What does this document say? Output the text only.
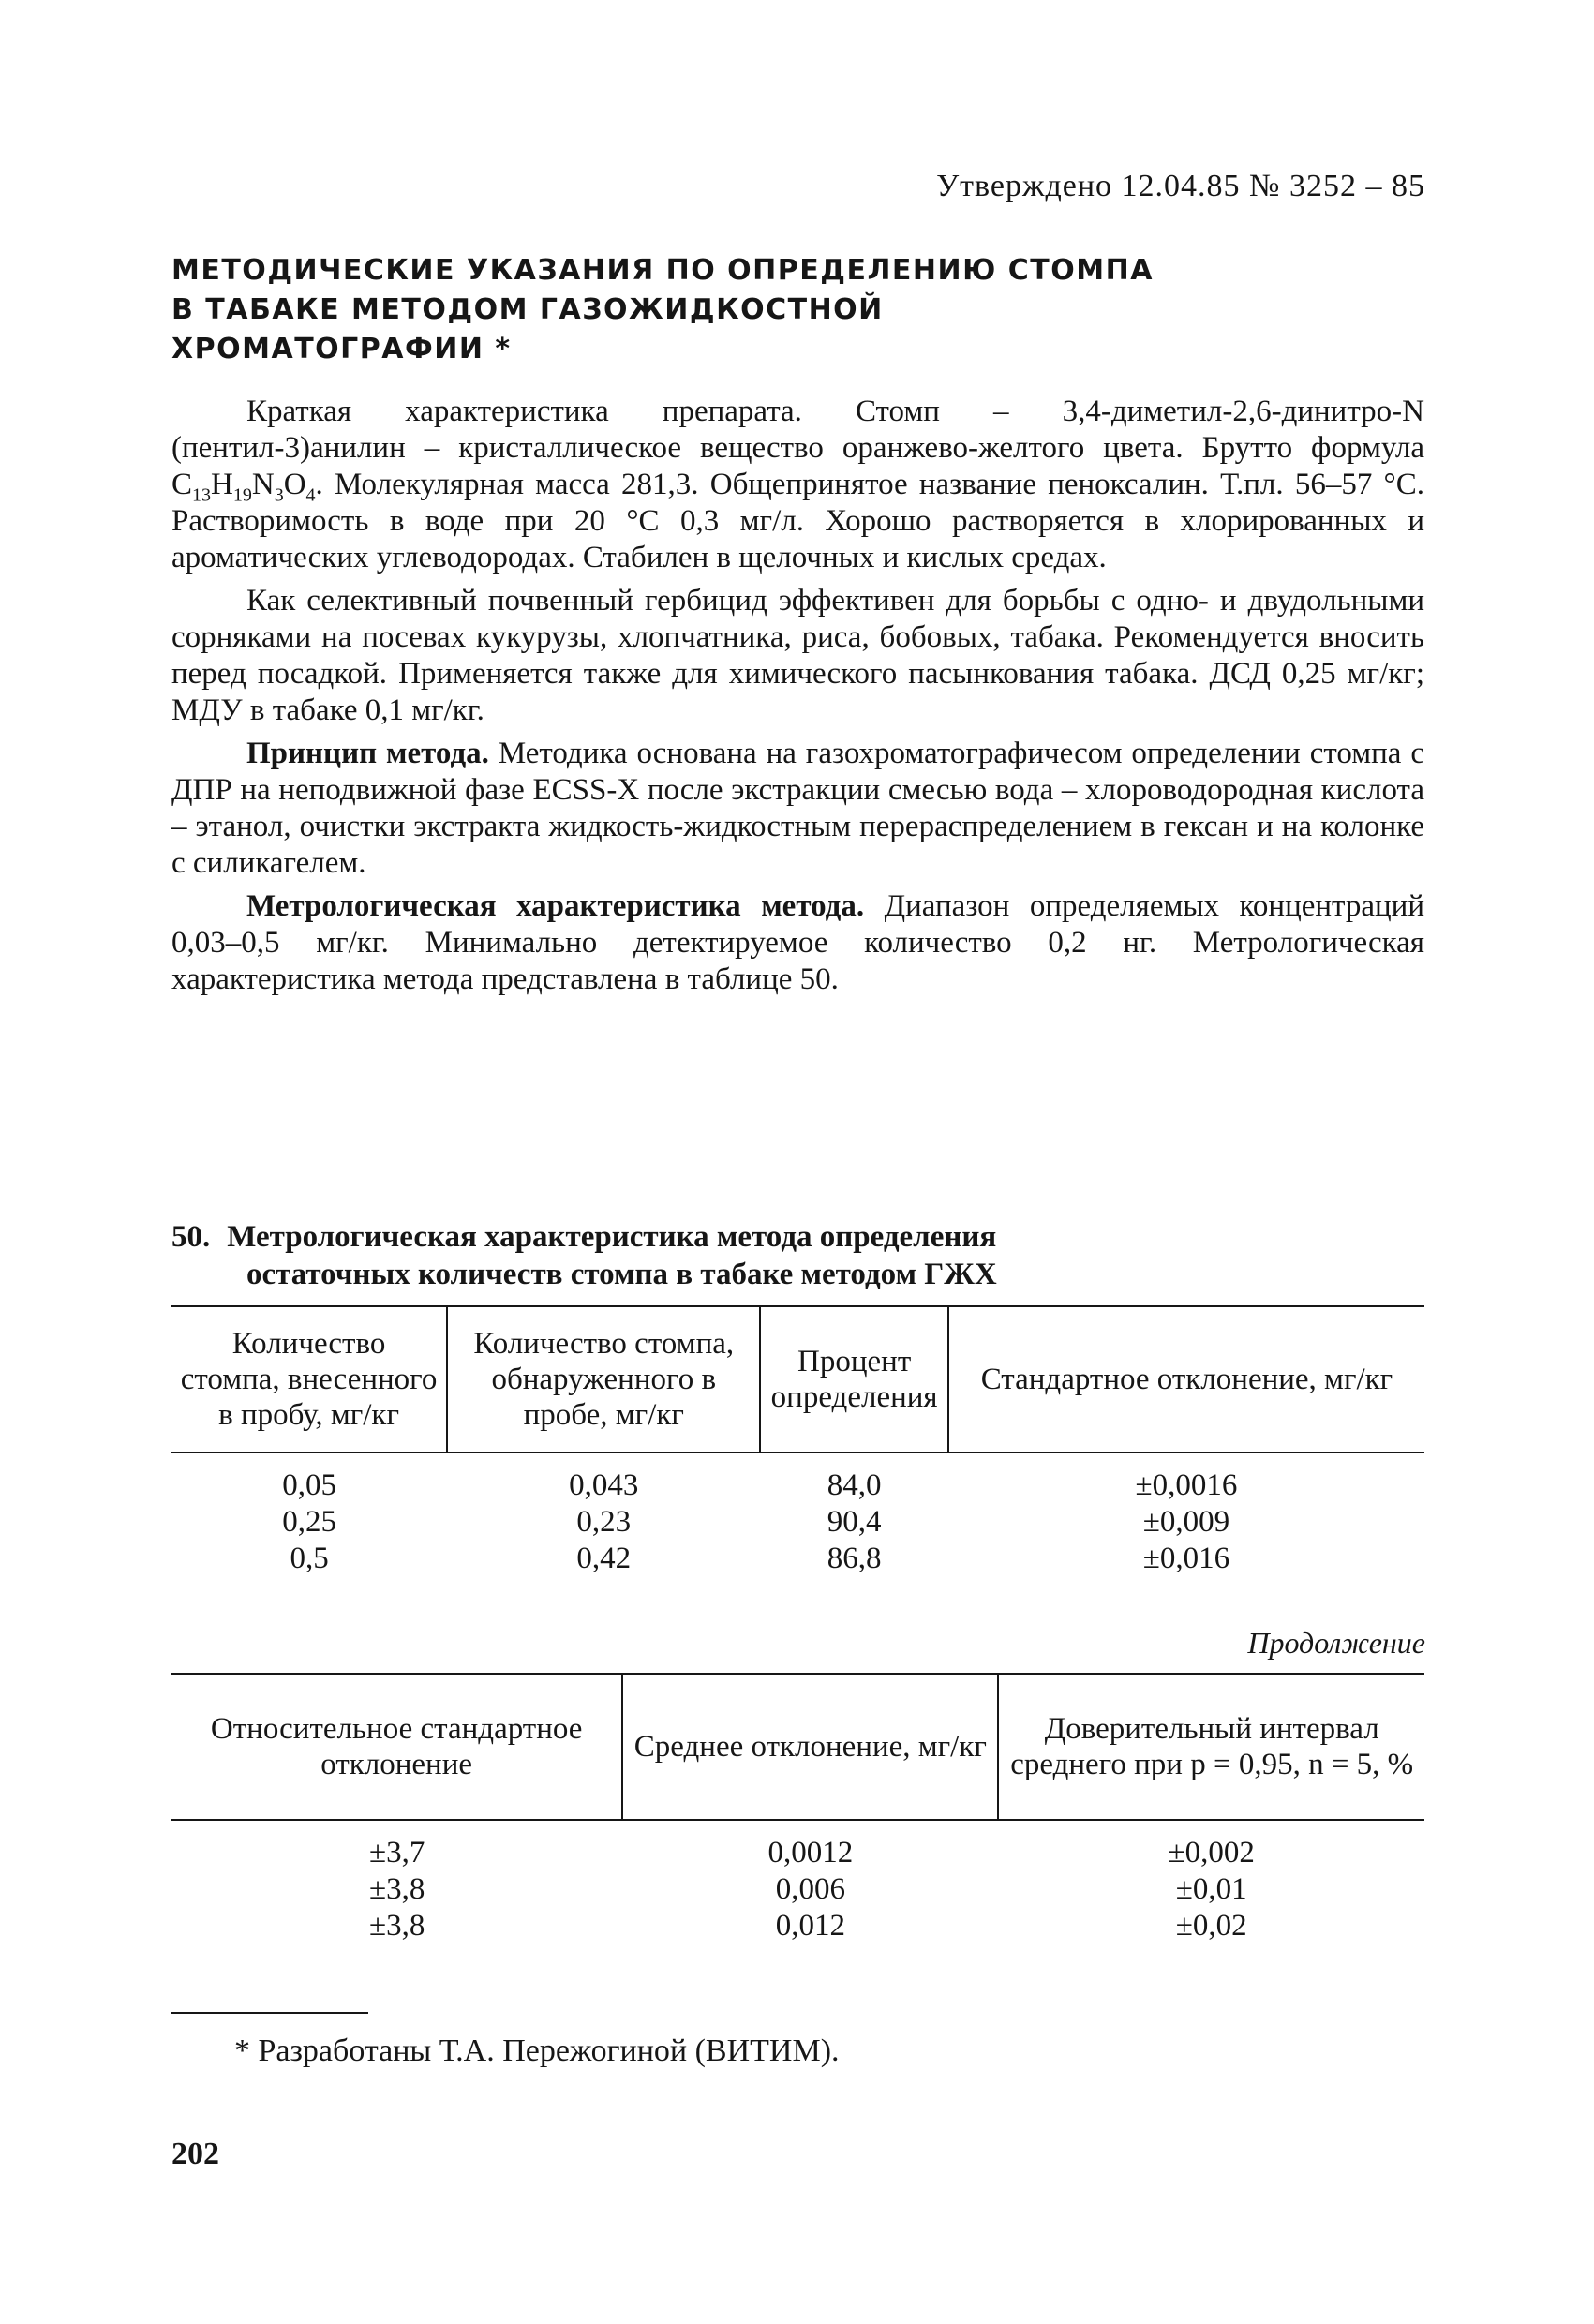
Утверждено 12.04.85 № 3252 – 85
МЕТОДИЧЕСКИЕ УКАЗАНИЯ ПО ОПРЕДЕЛЕНИЮ СТОМПА
В ТАБАКЕ МЕТОДОМ ГАЗОЖИДКОСТНОЙ
ХРОМАТОГРАФИИ *

Краткая характеристика препарата. Стомп – 3,4-диметил-2,6-динитро-N (пентил-3)анилин – кристаллическое вещество оранжево-желтого цвета. Брутто формула $C_{13}H_{19}N_3O_4$. Молекулярная масса 281,3. Общепринятое название пеноксалин. Т.пл. 56–57 °С. Растворимость в воде при 20 °С 0,3 мг/л. Хорошо растворяется в хлорированных и ароматических углеводородах. Стабилен в щелочных и кислых средах.

Как селективный почвенный гербицид эффективен для борьбы с одно- и двудольными сорняками на посевах кукурузы, хлопчатника, риса, бобовых, табака. Рекомендуется вносить перед посадкой. Применяется также для химического пасынкования табака. ДСД 0,25 мг/кг; МДУ в табаке 0,1 мг/кг.

Принцип метода. Методика основана на газохроматографичесом определении стомпа с ДПР на неподвижной фазе ECSS-X после экстракции смесью вода – хлороводородная кислота – этанол, очистки экстракта жидкость-жидкостным перераспределением в гексан и на колонке с силикагелем.

Метрологическая характеристика метода. Диапазон определяемых концентраций 0,03–0,5 мг/кг. Минимально детектируемое количество 0,2 нг. Метрологическая характеристика метода представлена в таблице 50.

50. Метрологическая характеристика метода определения
остаточных количеств стомпа в табаке методом ГЖХ
Количество стомпа, внесенного в пробу, мг/кг	Количество стомпа, обнаруженного в пробе, мг/кг	Процент определения	Стандартное отклонение, мг/кг
0,05	0,043	84,0	±0,0016
0,25	0,23	90,4	±0,009
0,5	0,42	86,8	±0,016
Продолжение
Относительное стандартное отклонение	Среднее отклонение, мг/кг	Доверительный интервал среднего при p = 0,95, n = 5, %
±3,7	0,0012	±0,002
±3,8	0,006	±0,01
±3,8	0,012	±0,02
* Разработаны Т.А. Пережогиной (ВИТИМ).
202
